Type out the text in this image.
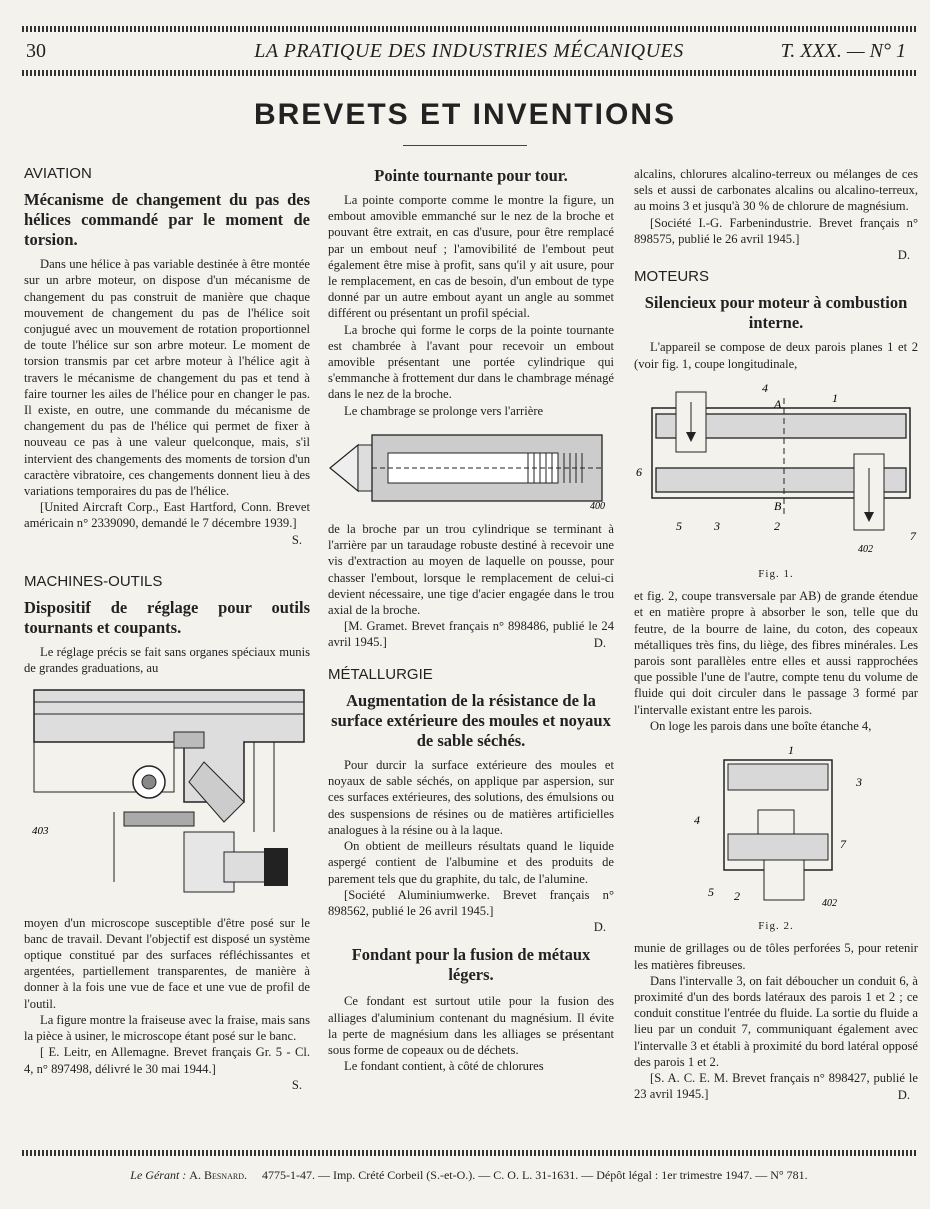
30	LA PRATIQUE DES INDUSTRIES MÉCANIQUES	T. XXX. — N° 1
BREVETS ET INVENTIONS
AVIATION
Mécanisme de changement du pas des hélices commandé par le moment de torsion.

Dans une hélice à pas variable destinée à être montée sur un arbre moteur, on dispose d'un mécanisme de changement du pas construit de manière que chaque mouvement de changement du pas de l'hélice soit conjugué avec un mouvement de rotation proportionnel de toute l'hélice sur son arbre moteur. Le moment de torsion transmis par cet arbre moteur à l'hélice agit à travers le mécanisme de changement du pas et tend à faire tourner les ailes de l'hélice pour en changer le pas. Il existe, en outre, une commande du mécanisme de changement du pas de l'hélice qui permet de fixer à nouveau ce pas à une valeur quelconque, mais, s'il intervient des changements des moments de torsion d'un caractère vibratoire, ces changements donnent lieu à des variations temporaires du pas de l'hélice.

[United Aircraft Corp., East Hartford, Conn. Brevet américain n° 2339090, demandé le 7 décembre 1939.]

S.
MACHINES-OUTILS
Dispositif de réglage pour outils tournants et coupants.

Le réglage précis se fait sans organes spéciaux munis de grandes graduations, au

403

moyen d'un microscope susceptible d'être posé sur le banc de travail. Devant l'objectif est disposé un système optique constitué par des surfaces réfléchissantes et argentées, partiellement transparentes, de manière à donner à la fois une vue de face et une vue de profil de l'outil.

La figure montre la fraiseuse avec la fraise, mais sans la pièce à usiner, le microscope étant posé sur le banc.

[ E. Leitr, en Allemagne. Brevet français Gr. 5 - Cl. 4, n° 897498, délivré le 30 mai 1944.]

S.
Pointe tournante pour tour.

La pointe comporte comme le montre la figure, un embout amovible emmanché sur le nez de la broche et pouvant être extrait, en cas d'usure, pour être remplacé par un embout neuf ; l'amovibilité de l'embout peut également être mise à profit, sans qu'il y ait usure, pour le remplacement, en cas de besoin, d'un embout de type donné par un autre embout ayant un angle au sommet différent ou présentant un profil spécial.

La broche qui forme le corps de la pointe tournante est chambrée à l'avant pour recevoir un embout amovible présentant une portée cylindrique qui s'emmanche à frottement dur dans le chambrage ménagé dans le nez de la broche.

Le chambrage se prolonge vers l'arrière

400

de la broche par un trou cylindrique se terminant à l'arrière par un taraudage robuste destiné à recevoir une vis d'extraction au moyen de laquelle on pousse, pour chasser l'embout, lorsque le remplacement de celui-ci devient nécessaire, une tige d'acier engagée dans le trou axial de la broche.

[M. Gramet. Brevet français n° 898486, publié le 24 avril 1945.]	D.
MÉTALLURGIE
Augmentation de la résistance de la surface extérieure des moules et noyaux de sable séchés.

Pour durcir la surface extérieure des moules et noyaux de sable séchés, on applique par aspersion, sur ces surfaces extérieures, des solutions, des émulsions ou des suspensions de résines ou de matières artificielles analogues à la résine ou à la laque.

On obtient de meilleurs résultats quand le liquide aspergé contient de l'albumine et des produits de parement tels que du graphite, du talc, de l'alumine.

[Société Aluminiumwerke. Brevet français n° 898562, publié le 26 avril 1945.]

D.
Fondant pour la fusion de métaux légers.

Ce fondant est surtout utile pour la fusion des alliages d'aluminium contenant du magnésium. Il évite la perte de magnésium dans les alliages se présentant sous forme de copeaux ou de déchets.

Le fondant contient, à côté de chlorures

alcalins, chlorures alcalino-terreux ou mélanges de ces sels et aussi de carbonates alcalins ou alcalino-terreux, au moins 3 et jusqu'à 30 % de chlorure de magnésium.

[Société I.-G. Farbenindustrie. Brevet français n° 898575, publié le 26 avril 1945.]

D.
MOTEURS
Silencieux pour moteur à combustion interne.

L'appareil se compose de deux parois planes 1 et 2 (voir fig. 1, coupe longitudinale,

4
A	1
6
B
5	3	2
7
402
Fig. 1.

et fig. 2, coupe transversale par AB) de grande étendue et en matière propre à absorber le son, telle que du feutre, de la bourre de laine, du coton, des copeaux métalliques très fins, du liège, des fibres minérales. Les parois sont parallèles entre elles et aussi rapprochées que possible l'une de l'autre, compte tenu du volume de fluide qui doit circuler dans le passage 3 formé par l'intervalle existant entre les parois.

On loge les parois dans une boîte étanche 4,

1
3
4
7
5 2
402
Fig. 2.

munie de grillages ou de tôles perforées 5, pour retenir les matières fibreuses.

Dans l'intervalle 3, on fait déboucher un conduit 6, à proximité d'un des bords latéraux des parois 1 et 2 ; ce conduit constitue l'entrée du fluide. La sortie du fluide a lieu par un conduit 7, communiquant également avec l'intervalle 3 et établi à proximité du bord latéral opposé des parois 1 et 2.

[S. A. C. E. M. Brevet français n° 898427, publié le 23 avril 1945.]	D.
Le Gérant : A. Besnard. 4775-1-47. — Imp. Crété Corbeil (S.-et-O.). — C. O. L. 31-1631. — Dépôt légal : 1er trimestre 1947. — N° 781.
